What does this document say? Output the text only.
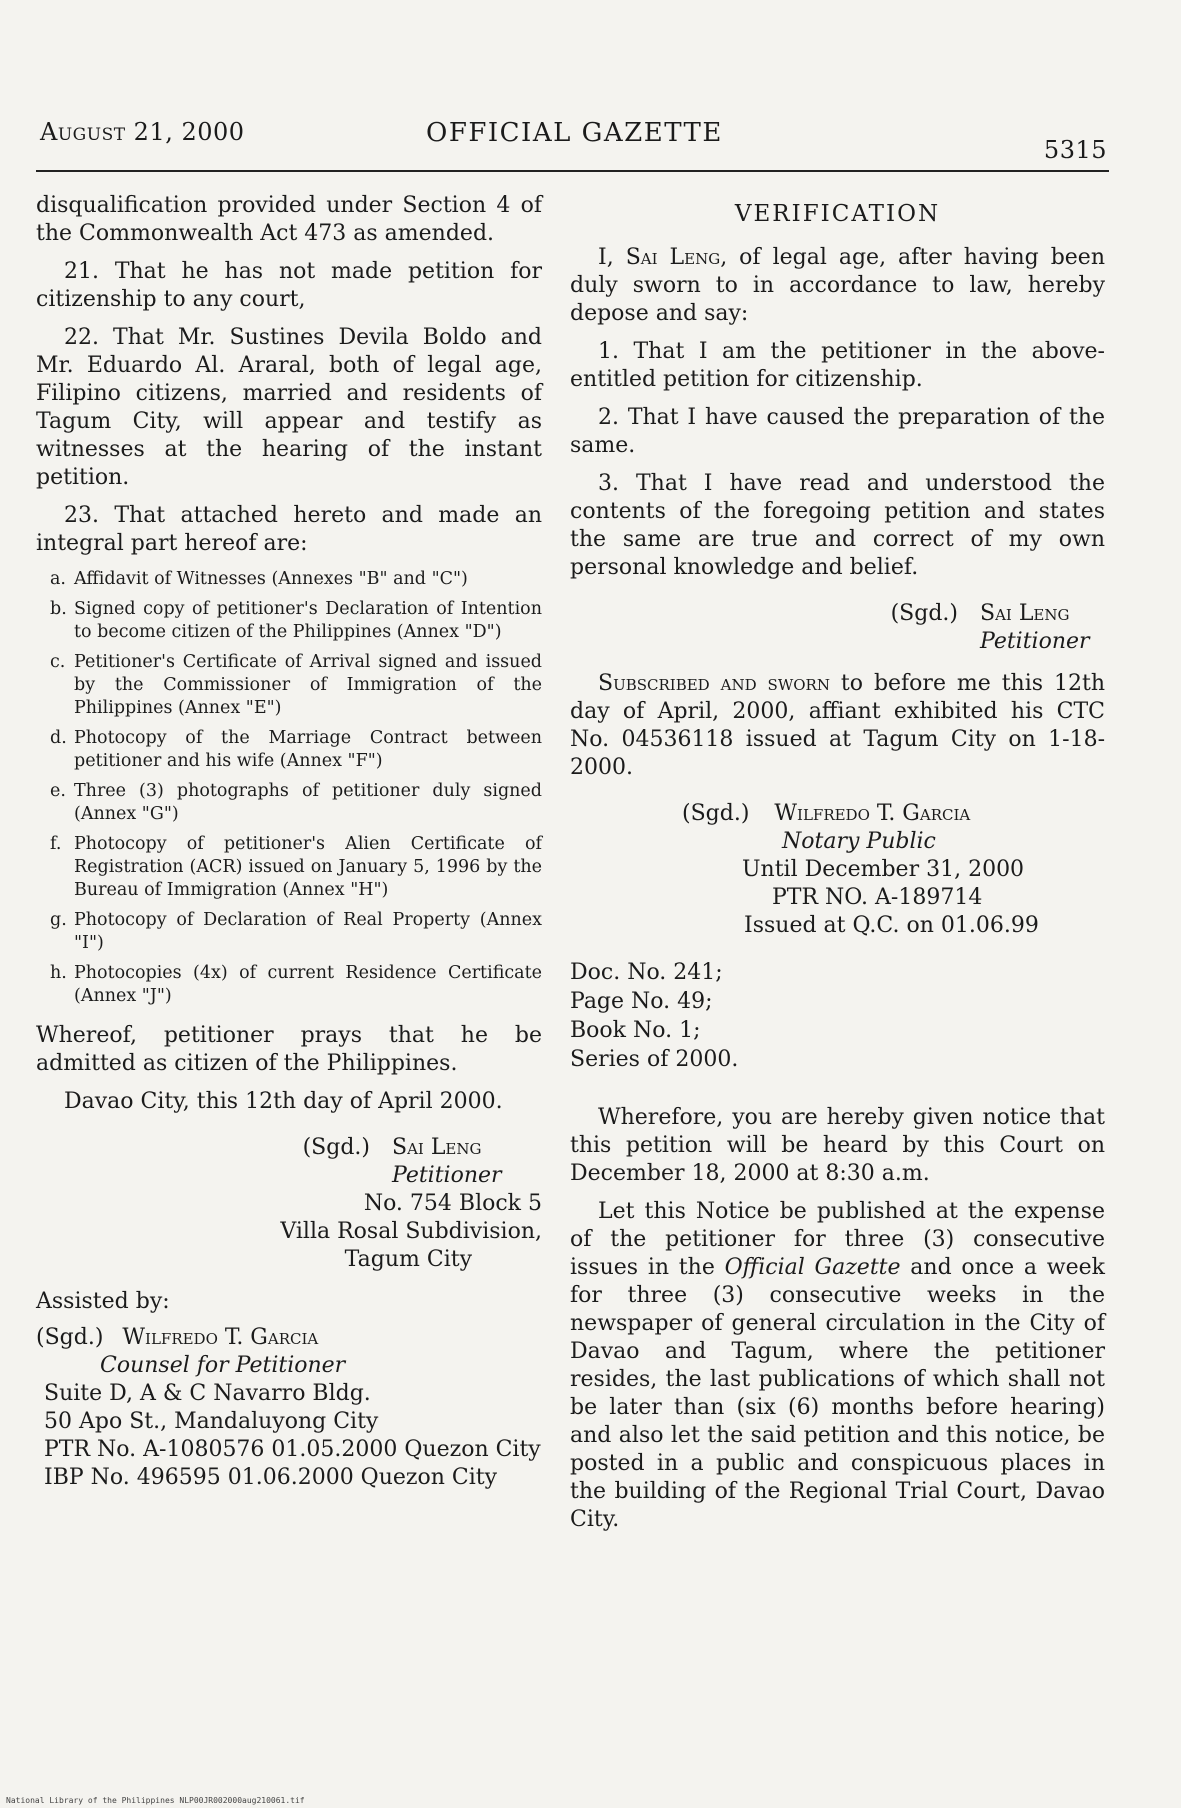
August 21, 2000	OFFICIAL GAZETTE
5315

disqualification provided under Section 4 of the Commonwealth Act 473 as amended.

21. That he has not made petition for citizenship to any court,

22. That Mr. Sustines Devila Boldo and Mr. Eduardo Al. Araral, both of legal age, Filipino citizens, married and residents of Tagum City, will appear and testify as witnesses at the hearing of the instant petition.

23. That attached hereto and made an integral part hereof are:

a. Affidavit of Witnesses (Annexes "B" and "C")
b. Signed copy of petitioner's Declaration of Intention to become citizen of the Philippines (Annex "D")
c. Petitioner's Certificate of Arrival signed and issued by the Commissioner of Immigration of the Philippines (Annex "E")
d. Photocopy of the Marriage Contract between petitioner and his wife (Annex "F")
e. Three (3) photographs of petitioner duly signed (Annex "G")
f. Photocopy of petitioner's Alien Certificate of Registration (ACR) issued on January 5, 1996 by the Bureau of Immigration (Annex "H")
g. Photocopy of Declaration of Real Property (Annex "I")
h. Photocopies (4x) of current Residence Certificate (Annex "J")

Whereof, petitioner prays that he be admitted as citizen of the Philippines.

Davao City, this 12th day of April 2000.

(Sgd.) Sai Leng
Petitioner

No. 754 Block 5

Villa Rosal Subdivision,

Tagum City

Assisted by:

(Sgd.) Wilfredo T. Garcia

Counsel for Petitioner

Suite D, A & C Navarro Bldg.

50 Apo St., Mandaluyong City

PTR No. A-1080576 01.05.2000 Quezon City

IBP No. 496595 01.06.2000 Quezon City

VERIFICATION

I, Sai Leng, of legal age, after having been duly sworn to in accordance to law, hereby depose and say:

1. That I am the petitioner in the above-entitled petition for citizenship.

2. That I have caused the preparation of the same.

3. That I have read and understood the contents of the foregoing petition and states the same are true and correct of my own personal knowledge and belief.

(Sgd.) Sai Leng
Petitioner

Subscribed and sworn to before me this 12th day of April, 2000, affiant exhibited his CTC No. 04536118 issued at Tagum City on 1-18-2000.

(Sgd.) Wilfredo T. Garcia
Notary Public
Until December 31, 2000
PTR NO. A-189714
Issued at Q.C. on 01.06.99
Doc. No. 241;
Page No. 49;
Book No. 1;
Series of 2000.

Wherefore, you are hereby given notice that this petition will be heard by this Court on December 18, 2000 at 8:30 a.m.

Let this Notice be published at the expense of the petitioner for three (3) consecutive issues in the Official Gazette and once a week for three (3) consecutive weeks in the newspaper of general circulation in the City of Davao and Tagum, where the petitioner resides, the last publications of which shall not be later than (six (6) months before hearing) and also let the said petition and this notice, be posted in a public and conspicuous places in the building of the Regional Trial Court, Davao City.

National Library of the Philippines NLP00JR002000aug210061.tif
